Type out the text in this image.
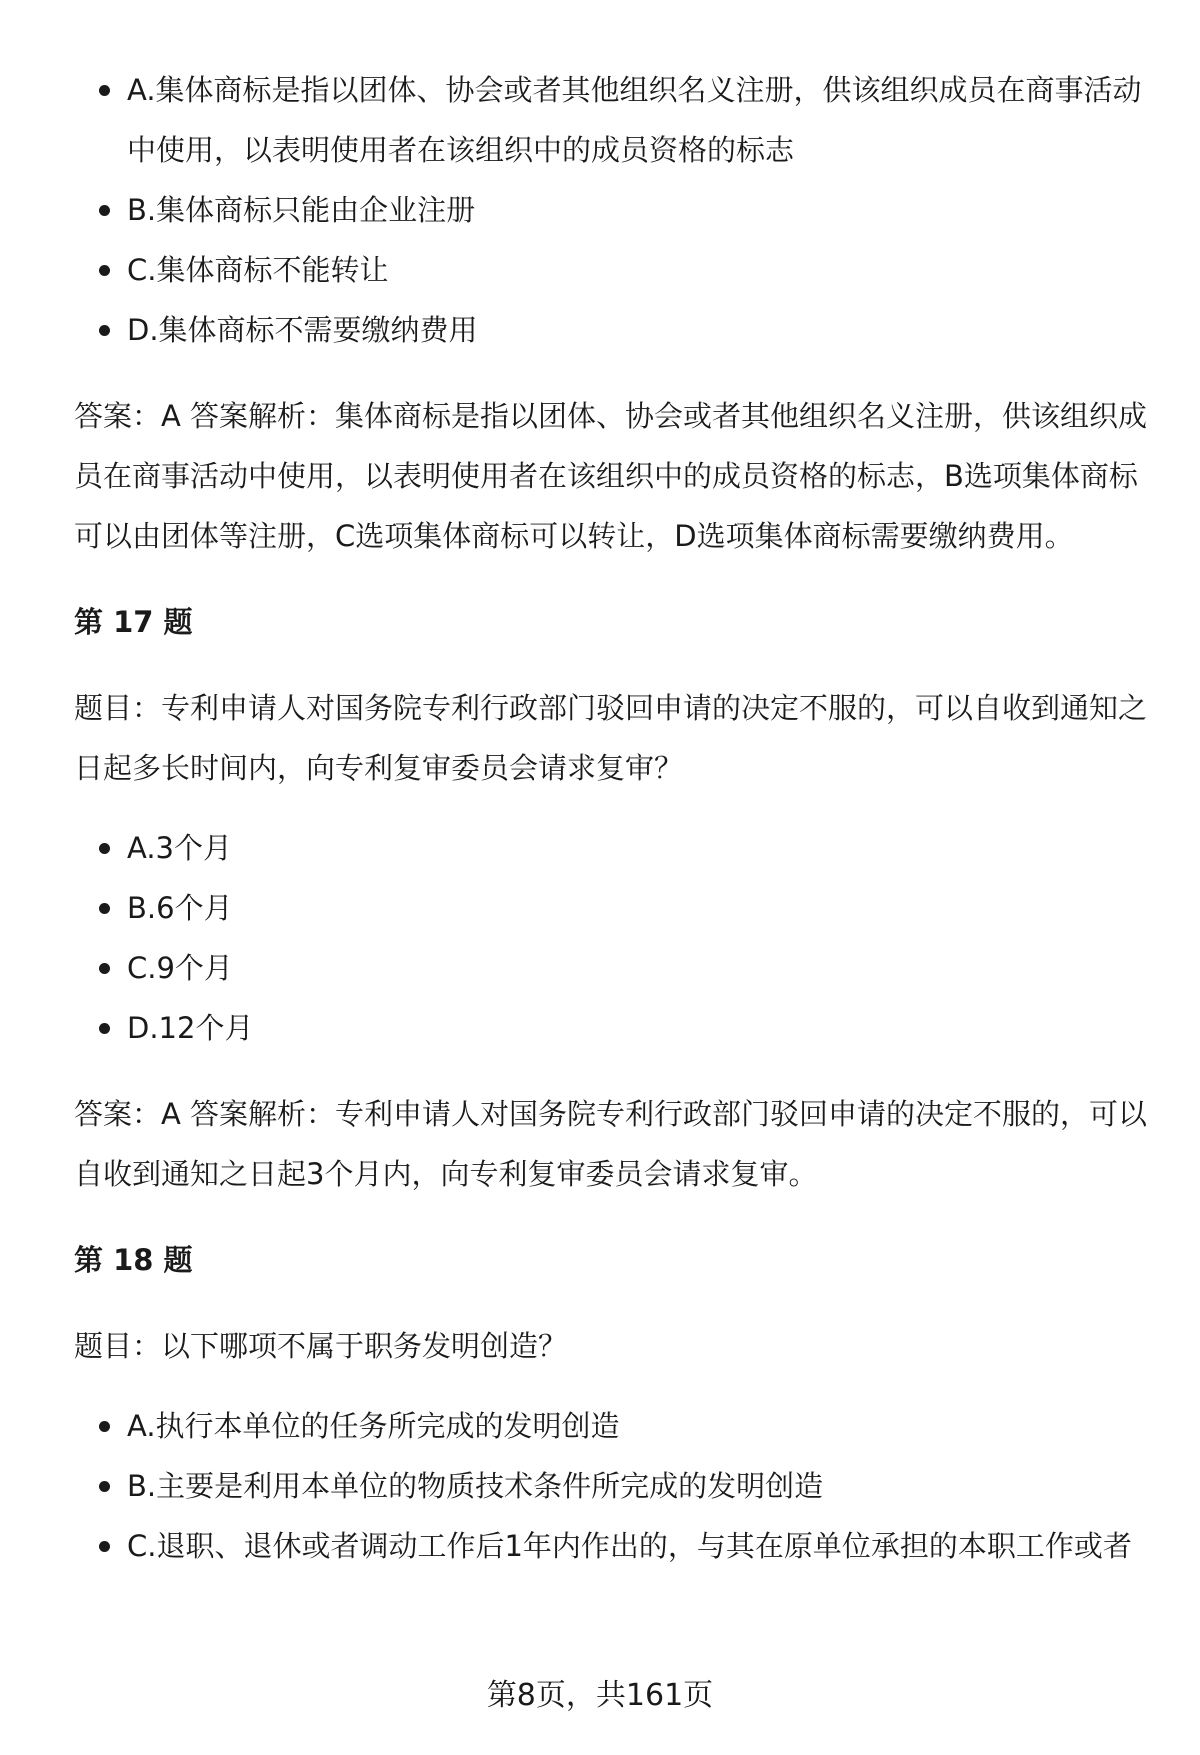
A.集体商标是指以团体、协会或者其他组织名义注册，供该组织成员在商事活动中使用，以表明使用者在该组织中的成员资格的标志
B.集体商标只能由企业注册
C.集体商标不能转让
D.集体商标不需要缴纳费用

答案：A 答案解析：集体商标是指以团体、协会或者其他组织名义注册，供该组织成员在商事活动中使用，以表明使用者在该组织中的成员资格的标志，B选项集体商标可以由团体等注册，C选项集体商标可以转让，D选项集体商标需要缴纳费用。

第 17 题

题目：专利申请人对国务院专利行政部门驳回申请的决定不服的，可以自收到通知之日起多长时间内，向专利复审委员会请求复审？

A.3个月
B.6个月
C.9个月
D.12个月

答案：A 答案解析：专利申请人对国务院专利行政部门驳回申请的决定不服的，可以自收到通知之日起3个月内，向专利复审委员会请求复审。

第 18 题

题目：以下哪项不属于职务发明创造？

A.执行本单位的任务所完成的发明创造
B.主要是利用本单位的物质技术条件所完成的发明创造
C.退职、退休或者调动工作后1年内作出的，与其在原单位承担的本职工作或者
第8页，共161页
